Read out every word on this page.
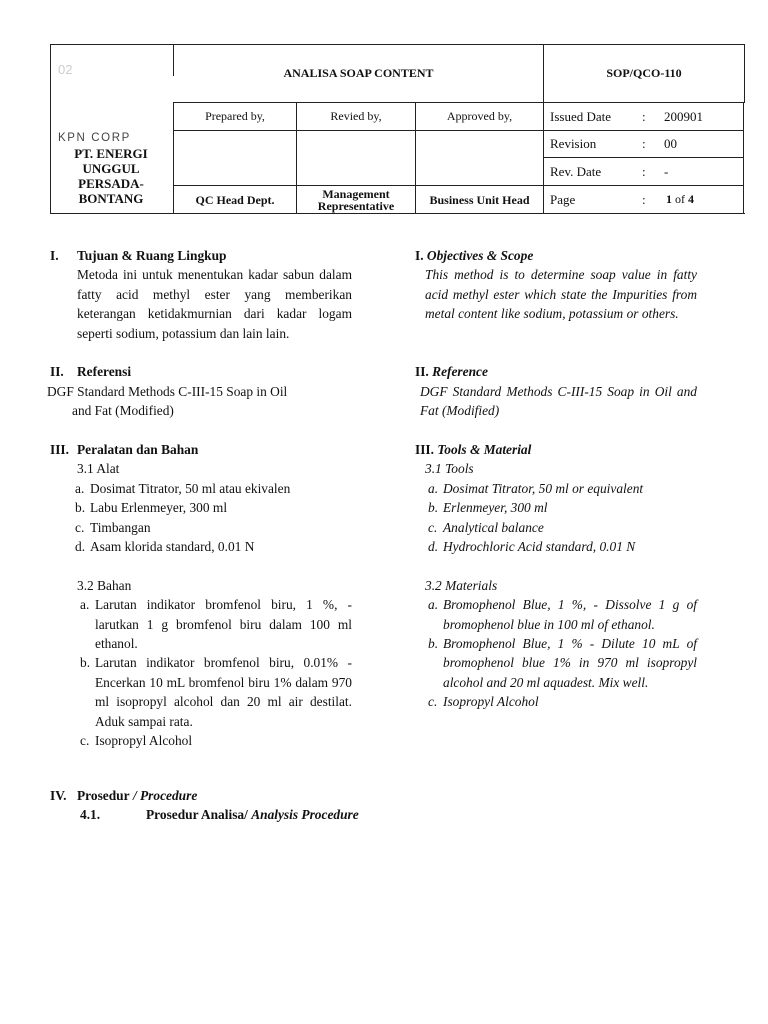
02	ANALISA SOAP CONTENT	SOP/QCO-110
Prepared by,	Revied by,	Approved by,
QC Head Dept.	Management Representative	Business Unit Head
Issued Date	:	200901
Revision	:	00
Rev. Date	:	-
Page	:	1 of 4
KPN CORP
PT. ENERGI UNGGUL PERSADA-BONTANG
I.	Tujuan & Ruang Lingkup
Metoda ini untuk menentukan kadar sabun dalam fatty acid methyl ester yang memberikan keterangan ketidakmurnian dari kadar logam seperti sodium, potassium dan lain lain.
II. Referensi
DGF Standard Methods C-III-15 Soap in Oil
and Fat (Modified)
III. Peralatan dan Bahan
3.1 Alat
a. Dosimat Titrator, 50 ml atau ekivalen
b. Labu Erlenmeyer, 300 ml
c. Timbangan
d. Asam klorida standard, 0.01 N
3.2 Bahan
a. Larutan indikator bromfenol biru, 1 %, - larutkan 1 g bromfenol biru dalam 100 ml ethanol.
b. Larutan indikator bromfenol biru, 0.01% - Encerkan 10 mL bromfenol biru 1% dalam 970 ml isopropyl alcohol dan 20 ml air destilat. Aduk sampai rata.
c. Isopropyl Alcohol
IV. Prosedur
/ Procedure
4.1.	Prosedur Analisa/
Analysis Procedure
I. Objectives & Scope
This method is to determine soap value in fatty acid methyl ester which state the Impurities from metal content like sodium, potassium or others.
II. Reference
DGF Standard Methods C-III-15 Soap in Oil and Fat (Modified)
III. Tools & Material
3.1 Tools
a. Dosimat Titrator, 50 ml or equivalent
b. Erlenmeyer, 300 ml
c. Analytical balance
d. Hydrochloric Acid standard, 0.01 N
3.2 Materials
a. Bromophenol Blue, 1 %, - Dissolve 1 g of bromophenol blue in 100 ml of ethanol.
b. Bromophenol Blue, 1 % - Dilute 10 mL of bromophenol blue 1% in 970 ml isopropyl alcohol and 20 ml aquadest. Mix well.
c. Isopropyl Alcohol
